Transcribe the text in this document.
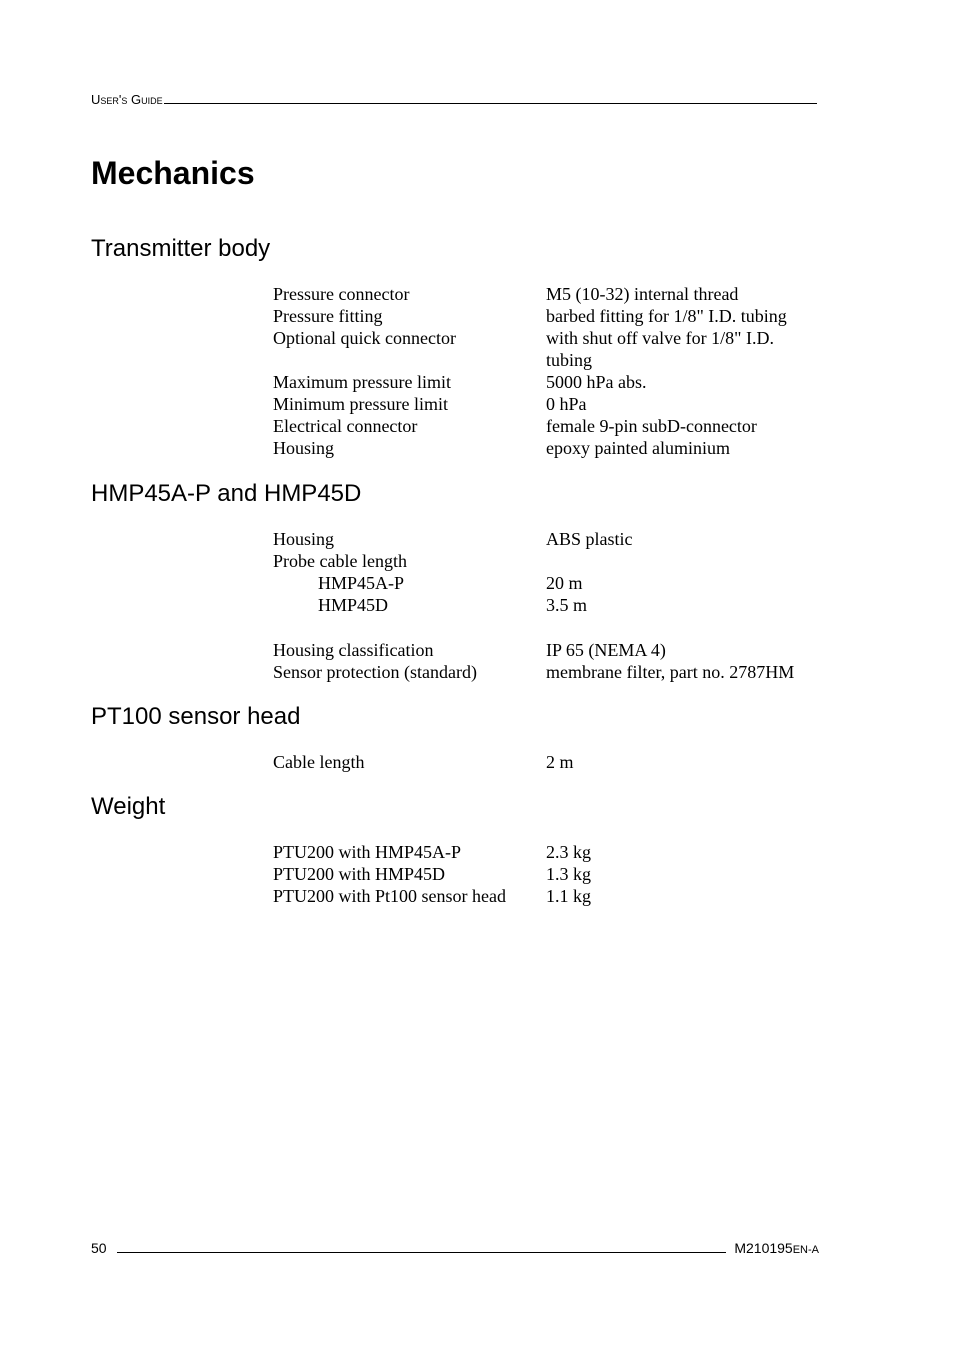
User's Guide
Mechanics
Transmitter body
Pressure connector	M5 (10-32) internal thread
Pressure fitting	barbed fitting for 1/8" I.D. tubing
Optional quick connector	with shut off valve for 1/8" I.D.
tubing
Maximum pressure limit	5000 hPa abs.
Minimum pressure limit	0 hPa
Electrical connector	female 9-pin subD-connector
Housing	epoxy painted aluminium
HMP45A-P and HMP45D
Housing	ABS plastic
Probe cable length
HMP45A-P	20 m
HMP45D	3.5 m
Housing classification	IP 65 (NEMA 4)
Sensor protection (standard)	membrane filter, part no. 2787HM
PT100 sensor head
Cable length	2 m
Weight
PTU200 with HMP45A-P	2.3 kg
PTU200 with HMP45D	1.3 kg
PTU200 with Pt100 sensor head	1.1 kg
50	M210195EN-A
